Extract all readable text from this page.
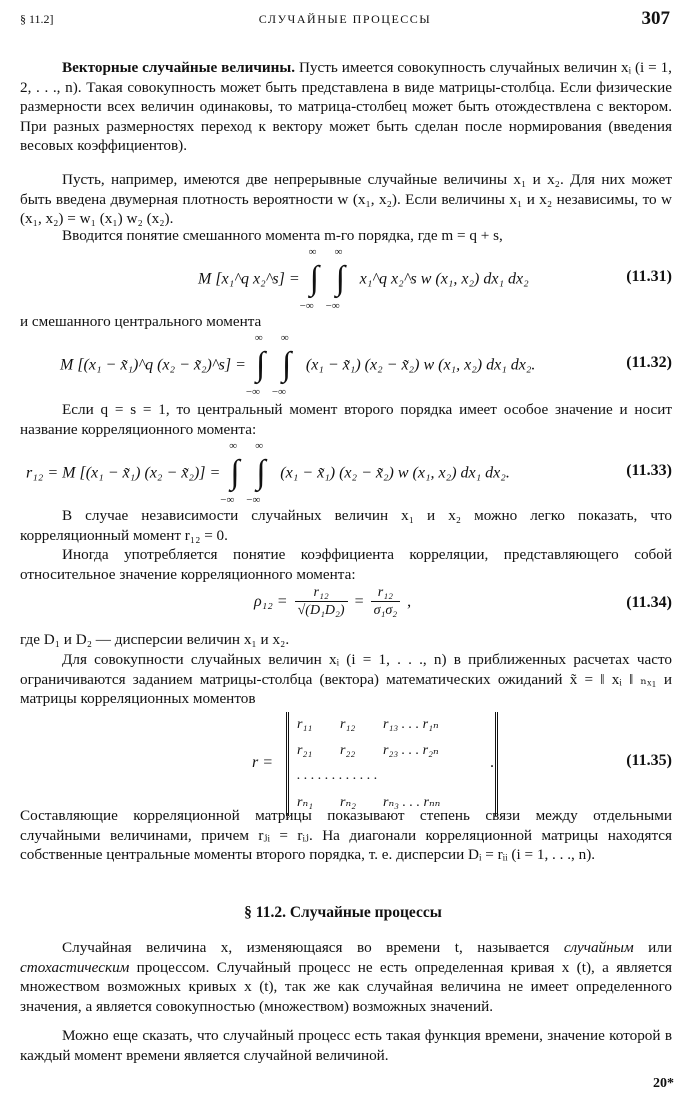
§ 11.2]	СЛУЧАЙНЫЕ ПРОЦЕССЫ	307

Векторные случайные величины. Пусть имеется совокупность случайных величин xᵢ (i = 1, 2, . . ., n). Такая совокупность может быть представлена в виде матрицы-столбца. Если физические размерности всех величин одинаковы, то матрица-столбец может быть отождествлена с вектором. При разных размерностях переход к вектору может быть сделан после нормирования (введения весовых коэффициентов).

Пусть, например, имеются две непрерывные случайные величины x₁ и x₂. Для них может быть введена двумерная плотность вероятности w (x₁, x₂). Если величины x₁ и x₂ независимы, то w (x₁, x₂) = w₁ (x₁) w₂ (x₂).

Вводится понятие смешанного момента m-го порядка, где m = q + s,

M [x₁^q x₂^s] = ∫
∞
−∞
∫
∞
−∞
x₁^q x₂^s w (x₁, x₂) dx₁ dx₂	(11.31)

и смешанного центрального момента

M [(x₁ − x̃₁)^q (x₂ − x̃₂)^s] = ∫
∞
−∞
∫
∞
−∞
(x₁ − x̃₁) (x₂ − x̃₂) w (x₁, x₂) dx₁ dx₂.	(11.32)

Если q = s = 1, то центральный момент второго порядка имеет особое значение и носит название корреляционного момента:

r₁₂ = M [(x₁ − x̃₁) (x₂ − x̃₂)] = ∫
∞
−∞
∫
∞
−∞
(x₁ − x̃₁) (x₂ − x̃₂) w (x₁, x₂) dx₁ dx₂.	(11.33)

В случае независимости случайных величин x₁ и x₂ можно легко показать, что корреляционный момент r₁₂ = 0.

Иногда употребляется понятие коэффициента корреляции, представляющего собой относительное значение корреляционного момента:

$\rho_{12} = \frac{\text{r₁₂}}{\text{√(D₁D₂)}} = \frac{\text{r₁₂}}{\text{σ₁σ₂}}$ ,	(11.34)

где D₁ и D₂ — дисперсии величин x₁ и x₂.

Для совокупности случайных величин xᵢ (i = 1, . . ., n) в приближенных расчетах часто ограничиваются заданием матрицы-столбца (вектора) математических ожиданий x̃ = ‖ xᵢ ‖ ₙₓ₁ и матрицы корреляционных моментов

r =
r₁₁ r₁₂ r₁₃ . . . r₁ₙ
r₂₁ r₂₂ r₂₃ . . . r₂ₙ
. . . . . . . . . . . .
rₙ₁ rₙ₂ rₙ₃ . . . rₙₙ
.	(11.35)

Составляющие корреляционной матрицы показывают степень связи между отдельными случайными величинами, причем rⱼᵢ = rᵢⱼ. На диагонали корреляционной матрицы находятся собственные центральные моменты второго порядка, т. е. дисперсии Dᵢ = rᵢᵢ (i = 1, . . ., n).

§ 11.2. Случайные процессы

Случайная величина x, изменяющаяся во времени t, называется случайным или стохастическим процессом. Случайный процесс не есть определенная кривая x (t), а является множеством возможных кривых x (t), так же как случайная величина не имеет определенного значения, а является совокупностью (множеством) возможных значений.

Можно еще сказать, что случайный процесс есть такая функция времени, значение которой в каждый момент времени является случайной величиной.

20*
